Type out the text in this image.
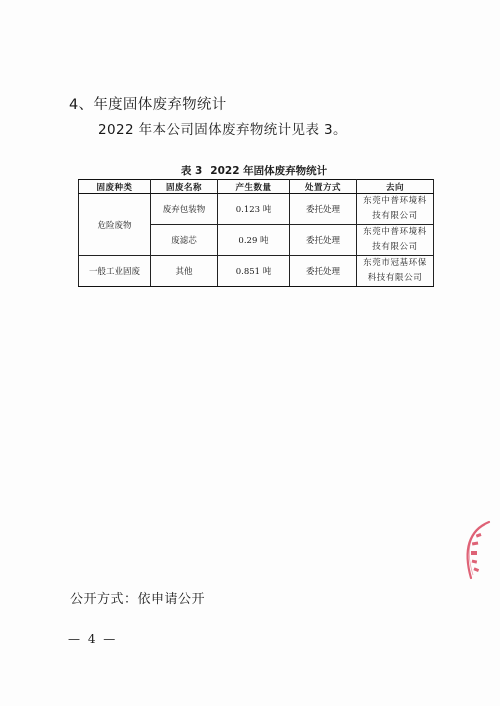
4、年度固体废弃物统计
2022 年本公司固体废弃物统计见表 3。
表 3 2022 年固体废弃物统计
固废种类	固废名称	产生数量	处置方式	去向
危险废物	废弃包装物	0.123 吨	委托处理	东莞中普环境科
技有限公司

	废滤芯	0.29 吨	委托处理	东莞中普环境科
技有限公司

一般工业固废	其他	0.851 吨	委托处理	东莞市冠基环保
科技有限公司
公开方式：依申请公开
— 4 —
